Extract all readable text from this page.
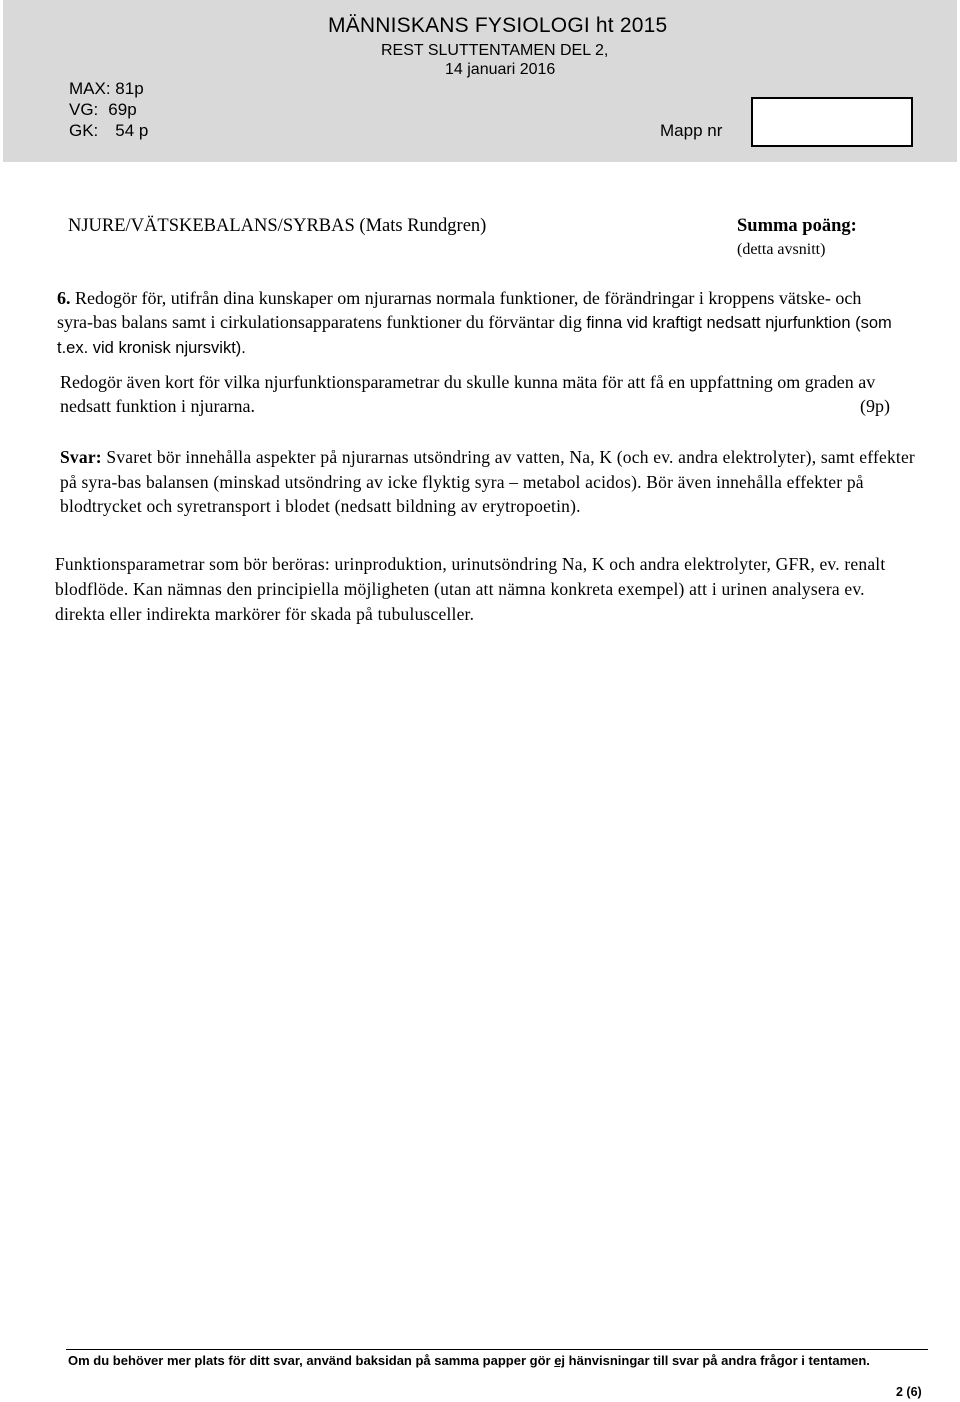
MÄNNISKANS FYSIOLOGI ht 2015
REST SLUTTENTAMEN DEL 2,
14 januari 2016
MAX: 81p
VG: 69p
GK: 54 p	Mapp nr
NJURE/VÄTSKEBALANS/SYRBAS (Mats Rundgren)	Summa poäng:
(detta avsnitt)
6. Redogör för, utifrån dina kunskaper om njurarnas normala funktioner, de förändringar i kroppens vätske- och syra-bas balans samt i cirkulationsapparatens funktioner du förväntar dig finna vid kraftigt nedsatt njurfunktion (som t.ex. vid kronisk njursvikt).
Redogör även kort för vilka njurfunktionsparametrar du skulle kunna mäta för att få en uppfattning om graden av nedsatt funktion i njurarna.	(9p)
Svar: Svaret bör innehålla aspekter på njurarnas utsöndring av vatten, Na, K (och ev. andra elektrolyter), samt effekter på syra-bas balansen (minskad utsöndring av icke flyktig syra – metabol acidos). Bör även innehålla effekter på blodtrycket och syretransport i blodet (nedsatt bildning av erytropoetin).
Funktionsparametrar som bör beröras: urinproduktion, urinutsöndring Na, K och andra elektrolyter, GFR, ev. renalt blodflöde. Kan nämnas den principiella möjligheten (utan att nämna konkreta exempel) att i urinen analysera ev. direkta eller indirekta markörer för skada på tubulusceller.
Om du behöver mer plats för ditt svar, använd baksidan på samma papper gör ej hänvisningar till svar på andra frågor i tentamen.
2 (6)
